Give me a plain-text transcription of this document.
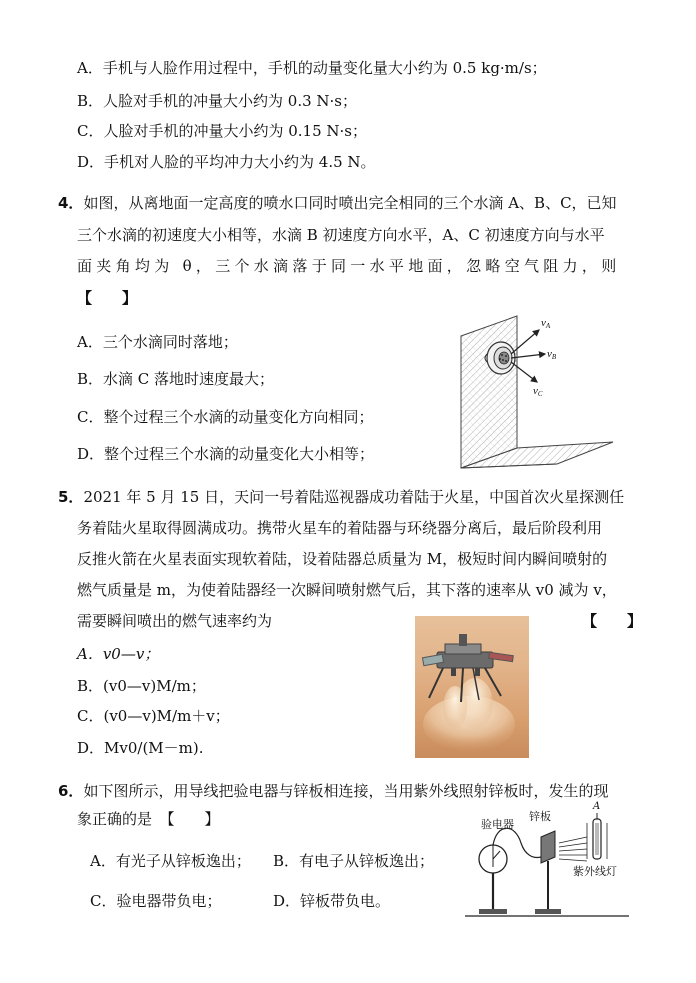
A．手机与人脸作用过程中，手机的动量变化量大小约为 0.5 kg·m/s；
B．人脸对手机的冲量大小约为 0.3 N·s；
C．人脸对手机的冲量大小约为 0.15 N·s；
D．手机对人脸的平均冲力大小约为 4.5 N。
4．如图，从离地面一定高度的喷水口同时喷出完全相同的三个水滴 A、B、C，已知
三个水滴的初速度大小相等，水滴 B 初速度方向水平，A、C 初速度方向与水平
面夹角均为 θ，三个水滴落于同一水平地面，忽略空气阻力，则
【　　】
A．三个水滴同时落地；
B．水滴 C 落地时速度最大；
C．整个过程三个水滴的动量变化方向相同；
D．整个过程三个水滴的动量变化大小相等；
vA
vB
vC
5．2021 年 5 月 15 日，天问一号着陆巡视器成功着陆于火星，中国首次火星探测任
务着陆火星取得圆满成功。携带火星车的着陆器与环绕器分离后，最后阶段利用
反推火箭在火星表面实现软着陆，设着陆器总质量为 M，极短时间内瞬间喷射的
燃气质量是 m，为使着陆器经一次瞬间喷射燃气后，其下落的速率从 v0 减为 v，
需要瞬间喷出的燃气速率约为	【　　】
A．v0—v；
B．(v0—v)M/m；
C．(v0—v)M/m＋v；
D．Mv0/(M－m).
6．如下图所示，用导线把验电器与锌板相连接，当用紫外线照射锌板时，发生的现
象正确的是　【　　】
A．有光子从锌板逸出； B．有电子从锌板逸出；
C．验电器带负电；	D．锌板带负电。
验电器
锌板
紫外线灯
A
